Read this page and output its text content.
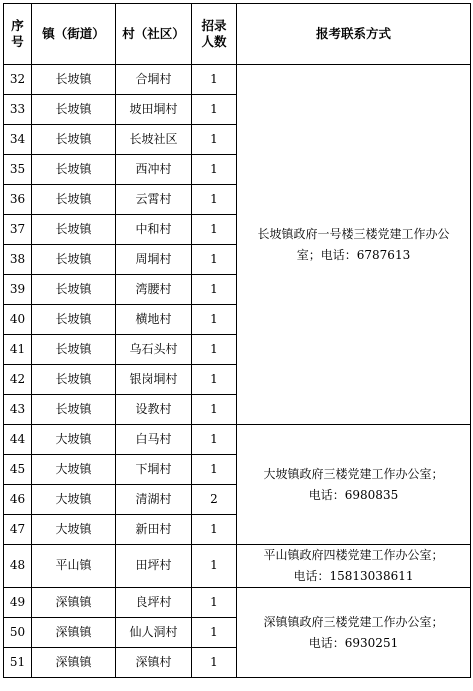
序
号	镇（街道）	村（社区）	招录
人数	报考联系方式
32	长坡镇	合垌村	1	长坡镇政府一号楼三楼党建工作办公
室；电话：6787613

33	长坡镇	坡田垌村	1	
34	长坡镇	长坡社区	1	
35	长坡镇	西冲村	1	
36	长坡镇	云霄村	1	
37	长坡镇	中和村	1	
38	长坡镇	周垌村	1	
39	长坡镇	湾腰村	1	
40	长坡镇	横地村	1	
41	长坡镇	乌石头村	1	
42	长坡镇	银岗垌村	1	
43	长坡镇	设教村	1	
44	大坡镇	白马村	1	大坡镇政府三楼党建工作办公室；
电话：6980835

45	大坡镇	下垌村	1	
46	大坡镇	清湖村	2	
47	大坡镇	新田村	1	
48	平山镇	田坪村	1	平山镇政府四楼党建工作办公室；
电话：15813038611

49	深镇镇	良坪村	1	深镇镇政府三楼党建工作办公室；
电话：6930251

50	深镇镇	仙人洞村	1	
51	深镇镇	深镇村	1	
